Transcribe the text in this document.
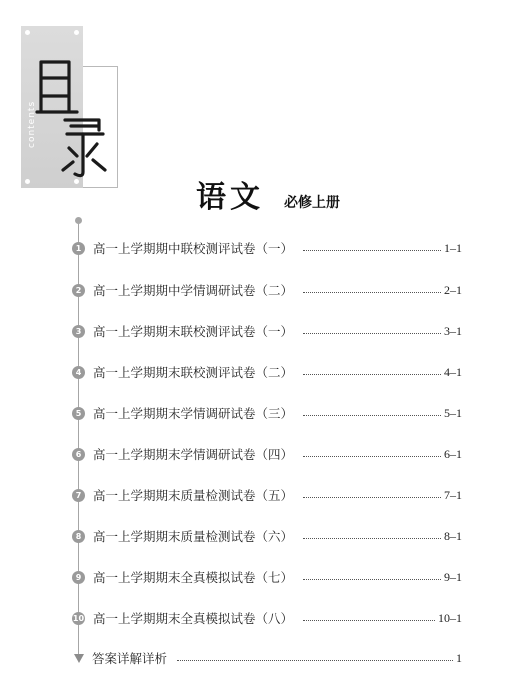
contents
语文 必修上册
1 高一上学期期中联校测评试卷（一）	1–1
2 高一上学期期中学情调研试卷（二）	2–1
3 高一上学期期末联校测评试卷（一）	3–1
4 高一上学期期末联校测评试卷（二）	4–1
5 高一上学期期末学情调研试卷（三）	5–1
6 高一上学期期末学情调研试卷（四）	6–1
7 高一上学期期末质量检测试卷（五）	7–1
8 高一上学期期末质量检测试卷（六）	8–1
9 高一上学期期末全真模拟试卷（七）	9–1
10 高一上学期期末全真模拟试卷（八）	10–1
答案详解详析	1
